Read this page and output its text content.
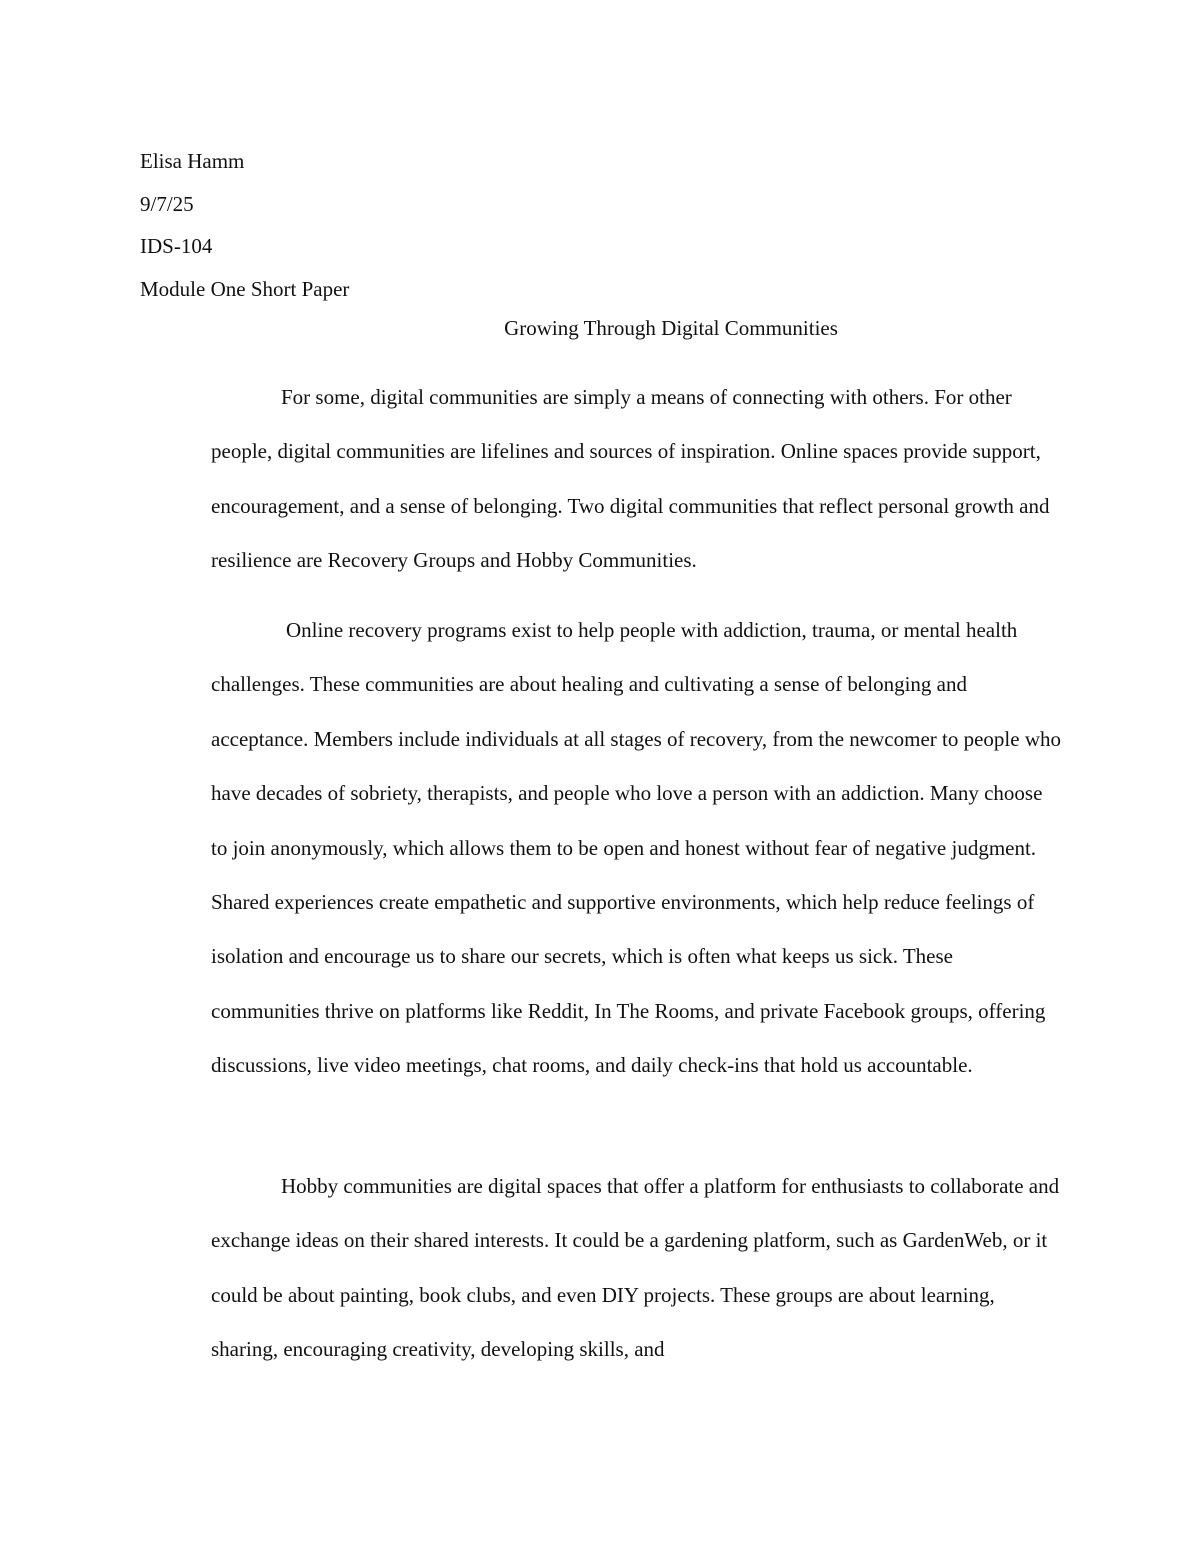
Elisa Hamm
9/7/25
IDS-104
Module One Short Paper
Growing Through Digital Communities

For some, digital communities are simply a means of connecting with others. For other people, digital communities are lifelines and sources of inspiration. Online spaces provide support, encouragement, and a sense of belonging. Two digital communities that reflect personal growth and resilience are Recovery Groups and Hobby Communities.

Online recovery programs exist to help people with addiction, trauma, or mental health challenges. These communities are about healing and cultivating a sense of belonging and acceptance. Members include individuals at all stages of recovery, from the newcomer to people who have decades of sobriety, therapists, and people who love a person with an addiction. Many choose to join anonymously, which allows them to be open and honest without fear of negative judgment. Shared experiences create empathetic and supportive environments, which help reduce feelings of isolation and encourage us to share our secrets, which is often what keeps us sick. These communities thrive on platforms like Reddit, In The Rooms, and private Facebook groups, offering discussions, live video meetings, chat rooms, and daily check-ins that hold us accountable.

Hobby communities are digital spaces that offer a platform for enthusiasts to collaborate and exchange ideas on their shared interests. It could be a gardening platform, such as GardenWeb, or it could be about painting, book clubs, and even DIY projects. These groups are about learning, sharing, encouraging creativity, developing skills, and
